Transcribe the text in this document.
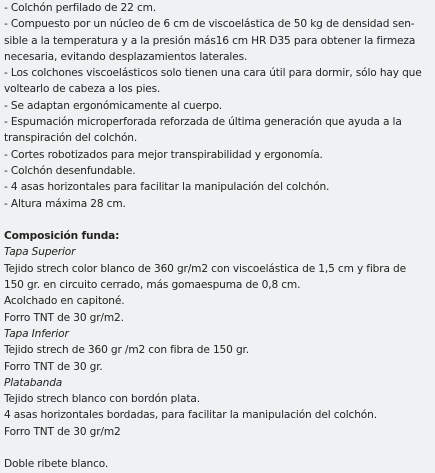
- Colchón perfilado de 22 cm.
- Compuesto por un núcleo de 6 cm de viscoelástica de 50 kg de densidad sen-
sible a la temperatura y a la presión más16 cm HR D35 para obtener la firmeza
necesaria, evitando desplazamientos laterales.
- Los colchones viscoelásticos solo tienen una cara útil para dormir, sólo hay que
voltearlo de cabeza a los pies.
- Se adaptan ergonómicamente al cuerpo.
- Espumación microperforada reforzada de última generación que ayuda a la
transpiración del colchón.
- Cortes robotizados para mejor transpirabilidad y ergonomía.
- Colchón desenfundable.
- 4 asas horizontales para facilitar la manipulación del colchón.
- Altura máxima 28 cm.
Composición funda:
Tapa Superior
Tejido strech color blanco de 360 gr/m2 con viscoelástica de 1,5 cm y fibra de
150 gr. en circuito cerrado, más gomaespuma de 0,8 cm.
Acolchado en capitoné.
Forro TNT de 30 gr/m2.
Tapa Inferior
Tejido strech de 360 gr /m2 con fibra de 150 gr.
Forro TNT de 30 gr.
Platabanda
Tejido strech blanco con bordón plata.
4 asas horizontales bordadas, para facilitar la manipulación del colchón.
Forro TNT de 30 gr/m2
Doble ribete blanco.
